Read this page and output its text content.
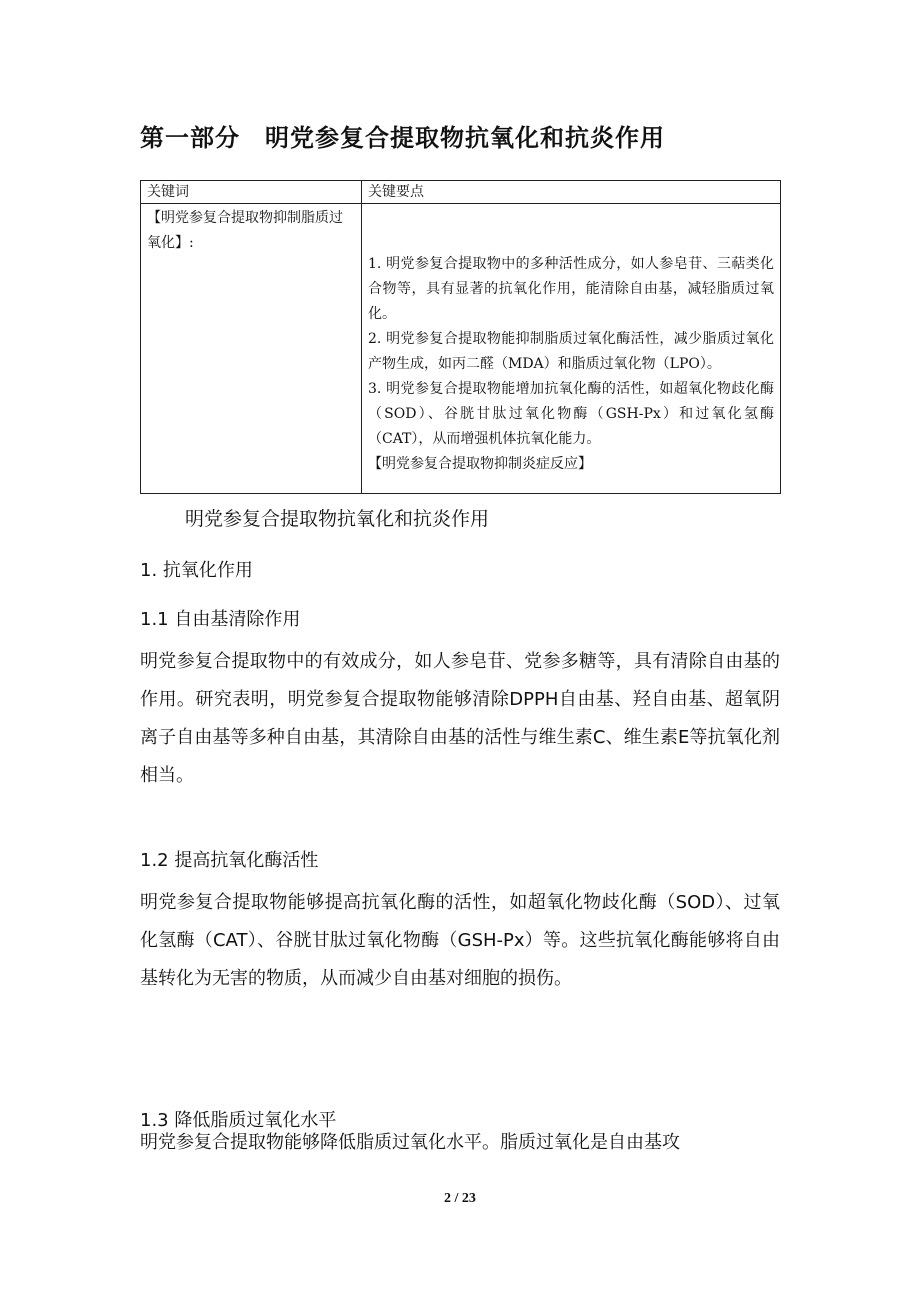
第一部分　明党参复合提取物抗氧化和抗炎作用
关键词	关键要点
【明党参复合提取物抑制脂质过氧化】:	1. 明党参复合提取物中的多种活性成分，如人参皂苷、三萜类化合物等，具有显著的抗氧化作用，能清除自由基，减轻脂质过氧化。

2. 明党参复合提取物能抑制脂质过氧化酶活性，减少脂质过氧化产物生成，如丙二醛（MDA）和脂质过氧化物（LPO）。

3. 明党参复合提取物能增加抗氧化酶的活性，如超氧化物歧化酶（SOD）、谷胱甘肽过氧化物酶（GSH-Px）和过氧化氢酶（CAT），从而增强机体抗氧化能力。

【明党参复合提取物抑制炎症反应】

明党参复合提取物抗氧化和抗炎作用
1. 抗氧化作用
1.1 自由基清除作用

明党参复合提取物中的有效成分，如人参皂苷、党参多糖等，具有清除自由基的作用。研究表明，明党参复合提取物能够清除DPPH自由基、羟自由基、超氧阴离子自由基等多种自由基，其清除自由基的活性与维生素C、维生素E等抗氧化剂相当。

1.2 提高抗氧化酶活性

明党参复合提取物能够提高抗氧化酶的活性，如超氧化物歧化酶（SOD）、过氧化氢酶（CAT）、谷胱甘肽过氧化物酶（GSH-Px）等。这些抗氧化酶能够将自由基转化为无害的物质，从而减少自由基对细胞的损伤。

1.3 降低脂质过氧化水平

明党参复合提取物能够降低脂质过氧化水平。脂质过氧化是自由基攻

2 / 23
